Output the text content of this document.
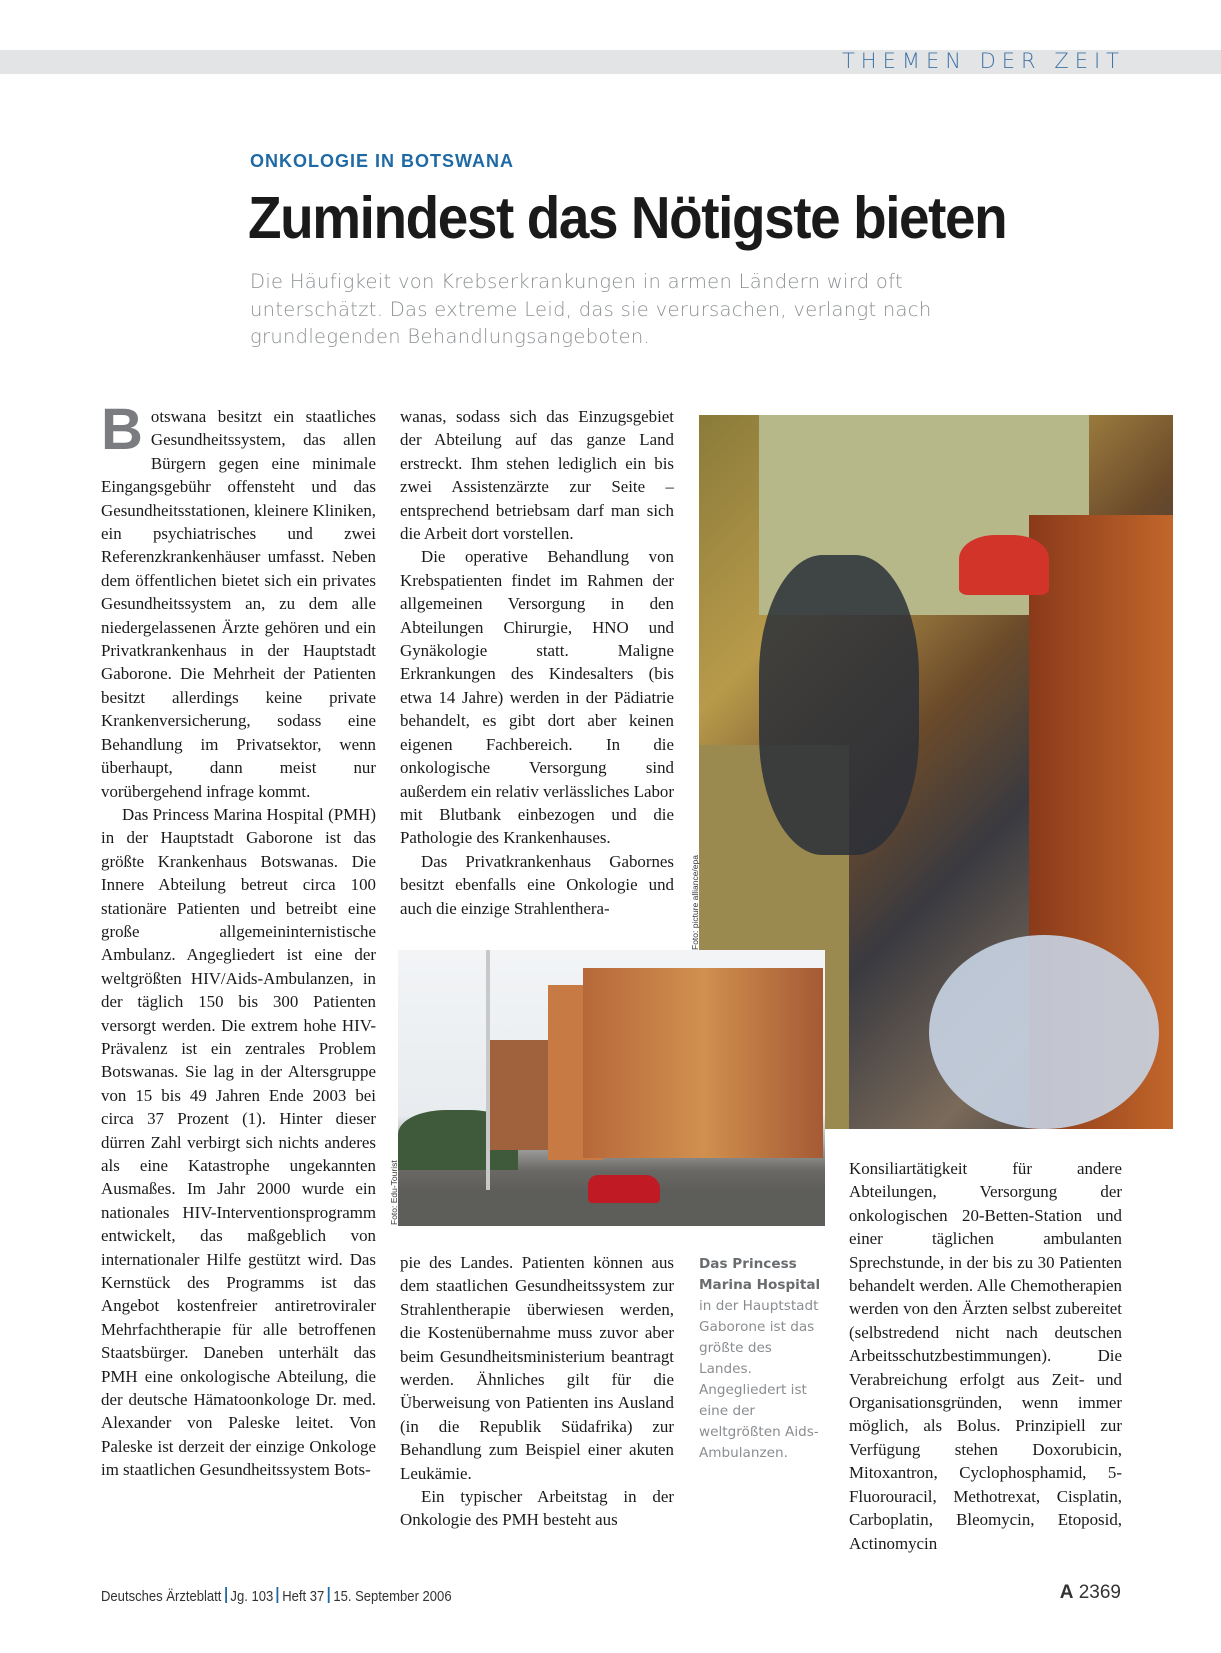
THEMEN DER ZEIT
ONKOLOGIE IN BOTSWANA
Zumindest das Nötigste bieten

Die Häufigkeit von Krebserkrankungen in armen Ländern wird oft unterschätzt. Das extreme Leid, das sie verursachen, verlangt nach grundlegenden Behandlungsangeboten.

Botswana besitzt ein staatliches Gesundheitssystem, das allen Bürgern gegen eine minimale Eingangsgebühr offensteht und das Gesundheitsstationen, kleinere Kliniken, ein psychiatrisches und zwei Referenzkrankenhäuser umfasst. Neben dem öffentlichen bietet sich ein privates Gesundheitssystem an, zu dem alle niedergelassenen Ärzte gehören und ein Privatkrankenhaus in der Hauptstadt Gaborone. Die Mehrheit der Patienten besitzt allerdings keine private Krankenversicherung, sodass eine Behandlung im Privatsektor, wenn überhaupt, dann meist nur vorübergehend infrage kommt.

Das Princess Marina Hospital (PMH) in der Hauptstadt Gaborone ist das größte Krankenhaus Botswanas. Die Innere Abteilung betreut circa 100 stationäre Patienten und betreibt eine große allgemeininternistische Ambulanz. Angegliedert ist eine der weltgrößten HIV/Aids-Ambulanzen, in der täglich 150 bis 300 Patienten versorgt werden. Die extrem hohe HIV-Prävalenz ist ein zentrales Problem Botswanas. Sie lag in der Altersgruppe von 15 bis 49 Jahren Ende 2003 bei circa 37 Prozent (1). Hinter dieser dürren Zahl verbirgt sich nichts anderes als eine Katastrophe ungekannten Ausmaßes. Im Jahr 2000 wurde ein nationales HIV-Interventionsprogramm entwickelt, das maßgeblich von internationaler Hilfe gestützt wird. Das Kernstück des Programms ist das Angebot kostenfreier antiretroviraler Mehrfachtherapie für alle betroffenen Staatsbürger. Daneben unterhält das PMH eine onkologische Abteilung, die der deutsche Hämatoonkologe Dr. med. Alexander von Paleske leitet. Von Paleske ist derzeit der einzige Onkologe im staatlichen Gesundheitssystem Bots-

wanas, sodass sich das Einzugsgebiet der Abteilung auf das ganze Land erstreckt. Ihm stehen lediglich ein bis zwei Assistenzärzte zur Seite – entsprechend betriebsam darf man sich die Arbeit dort vorstellen.

Die operative Behandlung von Krebspatienten findet im Rahmen der allgemeinen Versorgung in den Abteilungen Chirurgie, HNO und Gynäkologie statt. Maligne Erkrankungen des Kindesalters (bis etwa 14 Jahre) werden in der Pädiatrie behandelt, es gibt dort aber keinen eigenen Fachbereich. In die onkologische Versorgung sind außerdem ein relativ verlässliches Labor mit Blutbank einbezogen und die Pathologie des Krankenhauses.

Das Privatkrankenhaus Gabornes besitzt ebenfalls eine Onkologie und auch die einzige Strahlenthera-	Foto: picture alliance/epa
Foto: Edu-Tourist

pie des Landes. Patienten können aus dem staatlichen Gesundheitssystem zur Strahlentherapie überwiesen werden, die Kostenübernahme muss zuvor aber beim Gesundheitsministerium beantragt werden. Ähnliches gilt für die Überweisung von Patienten ins Ausland (in die Republik Südafrika) zur Behandlung zum Beispiel einer akuten Leukämie.

Ein typischer Arbeitstag in der Onkologie des PMH besteht aus

Das Princess Marina Hospital in der Hauptstadt Gaborone ist das größte des Landes. Angegliedert ist eine der weltgrößten Aids-Ambulanzen.

Konsiliartätigkeit für andere Abteilungen, Versorgung der onkologischen 20-Betten-Station und einer täglichen ambulanten Sprechstunde, in der bis zu 30 Patienten behandelt werden. Alle Chemotherapien werden von den Ärzten selbst zubereitet (selbstredend nicht nach deutschen Arbeitsschutzbestimmungen). Die Verabreichung erfolgt aus Zeit- und Organisationsgründen, wenn immer möglich, als Bolus. Prinzipiell zur Verfügung stehen Doxorubicin, Mitoxantron, Cyclophosphamid, 5-Fluorouracil, Methotrexat, Cisplatin, Carboplatin, Bleomycin, Etoposid, Actinomycin

Deutsches Ärzteblatt Jg. 103 Heft 37 15. September 2006	A 2369
